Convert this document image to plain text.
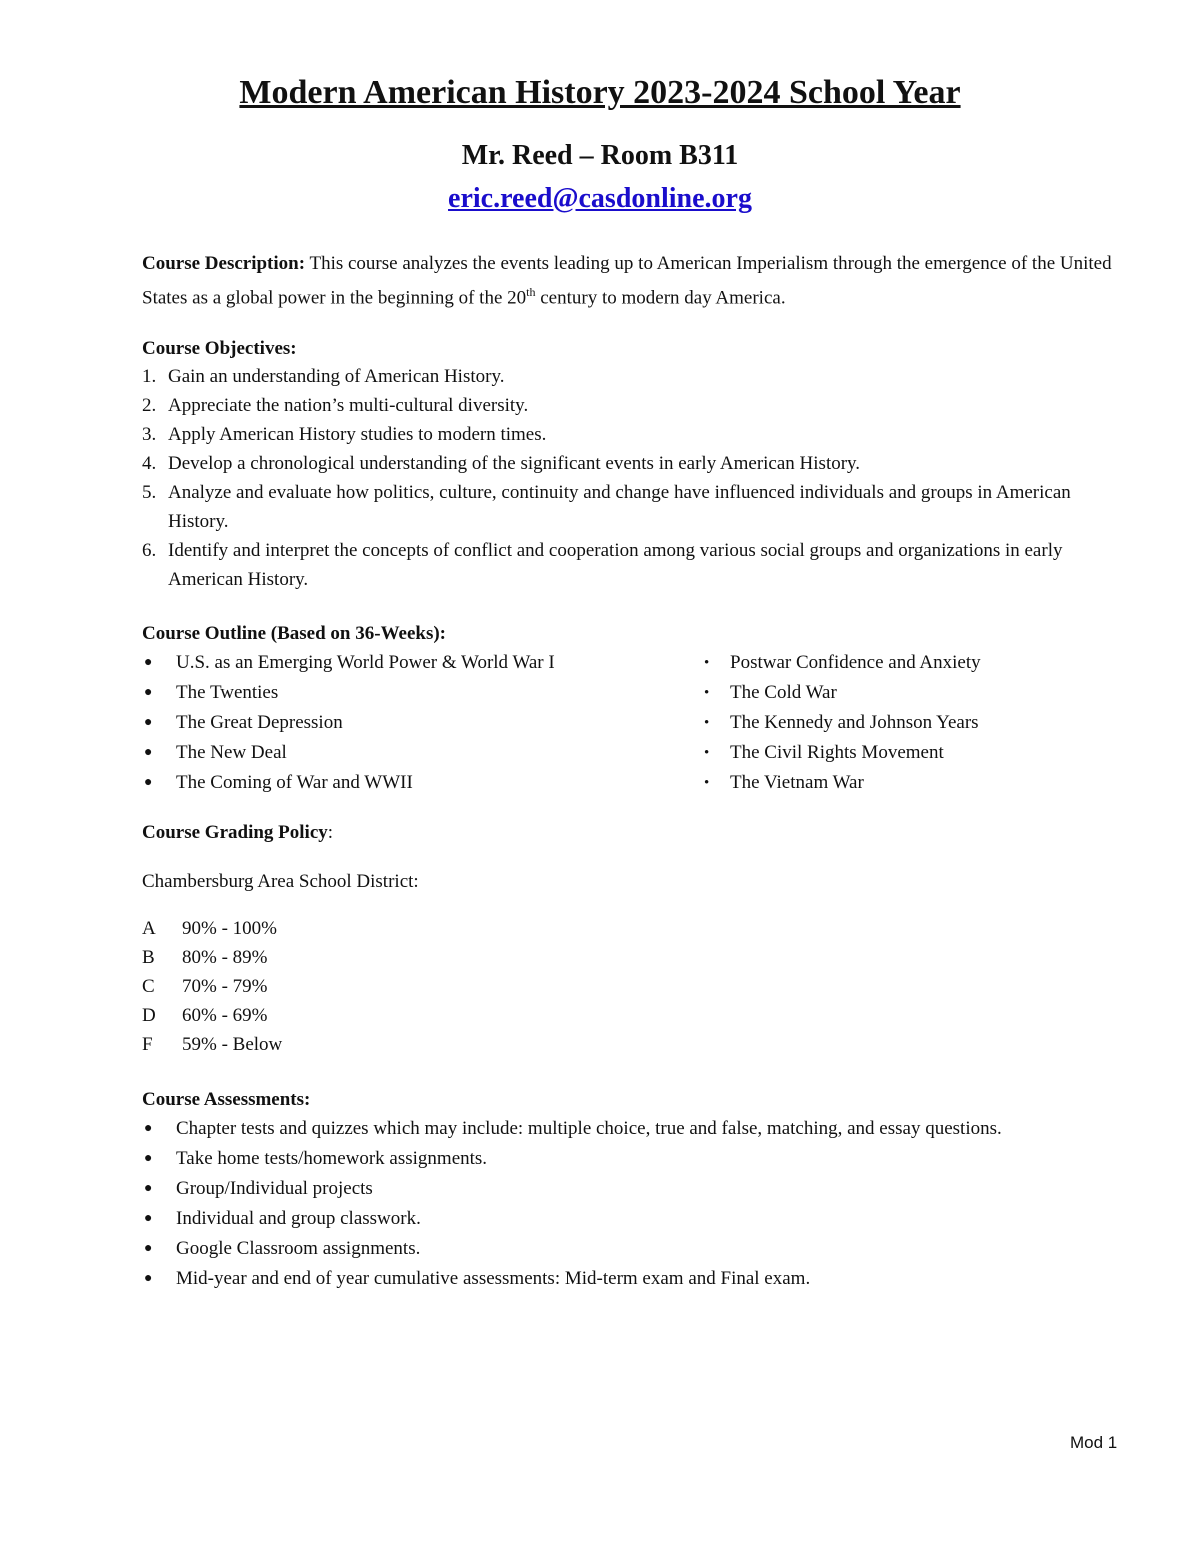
Modern American History 2023-2024 School Year
Mr. Reed – Room B311
eric.reed@casdonline.org
Course Description: This course analyzes the events leading up to American Imperialism through the emergence of the United States as a global power in the beginning of the 20th century to modern day America.
Course Objectives:
1. Gain an understanding of American History.
2. Appreciate the nation’s multi-cultural diversity.
3. Apply American History studies to modern times.
4. Develop a chronological understanding of the significant events in early American History.
5. Analyze and evaluate how politics, culture, continuity and change have influenced individuals and groups in American History.
6. Identify and interpret the concepts of conflict and cooperation among various social groups and organizations in early American History.
Course Outline (Based on 36-Weeks):
● U.S. as an Emerging World Power & World War I
● The Twenties
● The Great Depression
● The New Deal
● The Coming of War and WWII
• Postwar Confidence and Anxiety
• The Cold War
• The Kennedy and Johnson Years
• The Civil Rights Movement
• The Vietnam War
Course Grading Policy:
Chambersburg Area School District:
A 90% - 100%
B 80% - 89%
C 70% - 79%
D 60% - 69%
F 59% - Below
Course Assessments:
● Chapter tests and quizzes which may include: multiple choice, true and false, matching, and essay questions.
● Take home tests/homework assignments.
● Group/Individual projects
● Individual and group classwork.
● Google Classroom assignments.
● Mid-year and end of year cumulative assessments: Mid-term exam and Final exam.
Mod 1
